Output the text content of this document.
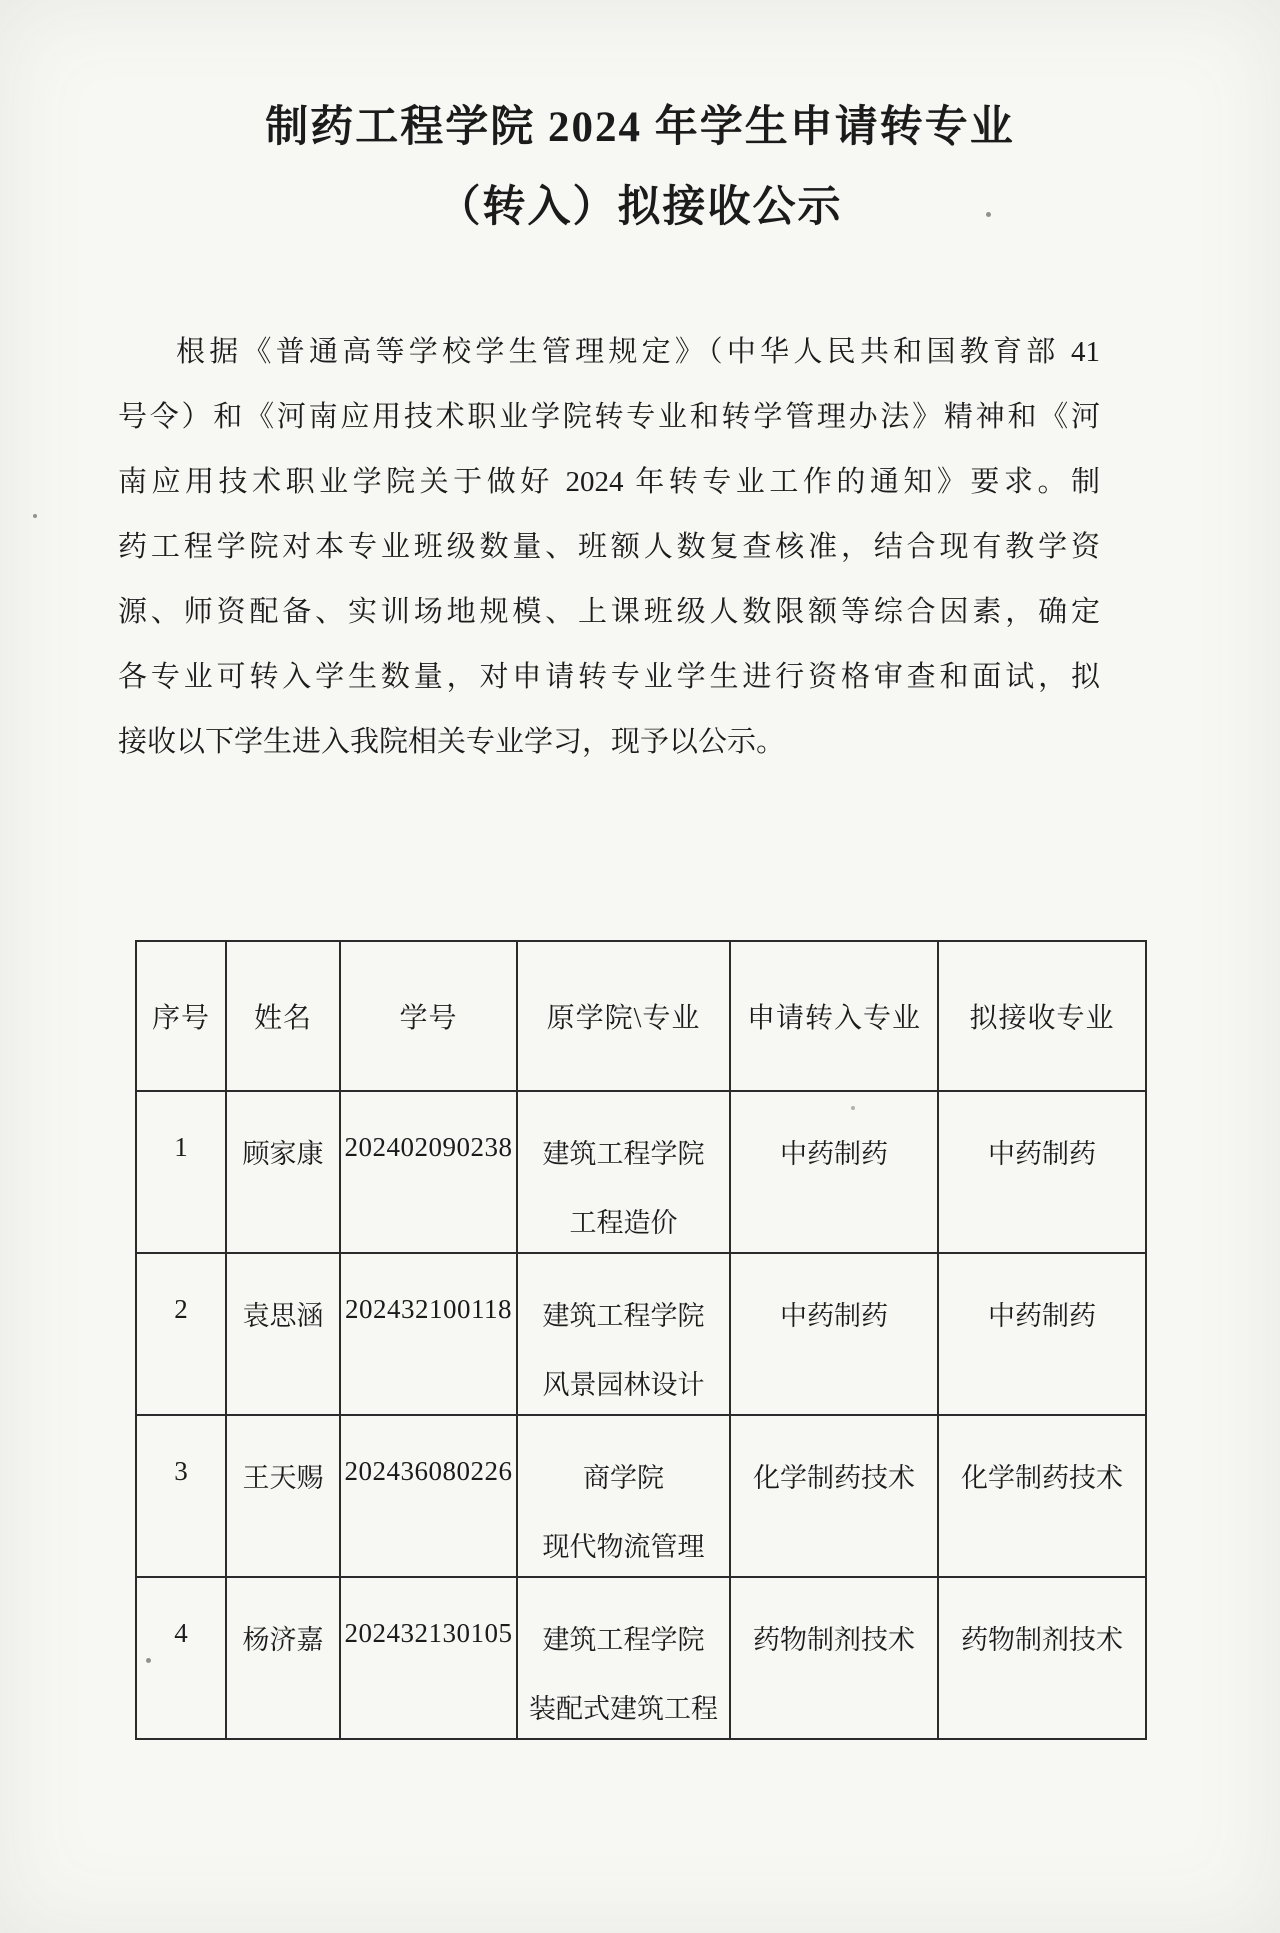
制药工程学院 2024 年学生申请转专业
（转入）拟接收公示
根据《普通高等学校学生管理规定》（中华人民共和国教育部 41
号令）和《河南应用技术职业学院转专业和转学管理办法》精神和《河
南应用技术职业学院关于做好 2024 年转专业工作的通知》要求。制
药工程学院对本专业班级数量、班额人数复查核准，结合现有教学资
源、师资配备、实训场地规模、上课班级人数限额等综合因素，确定
各专业可转入学生数量，对申请转专业学生进行资格审查和面试，拟
接收以下学生进入我院相关专业学习，现予以公示。
序号	姓名	学号	原学院\专业	申请转入专业	拟接收专业
1	顾家康	202402090238	建筑工程学院
工程造价	中药制药	中药制药
2	袁思涵	202432100118	建筑工程学院
风景园林设计	中药制药	中药制药
3	王天赐	202436080226	商学院
现代物流管理	化学制药技术	化学制药技术
4	杨济嘉	202432130105	建筑工程学院
装配式建筑工程	药物制剂技术	药物制剂技术
